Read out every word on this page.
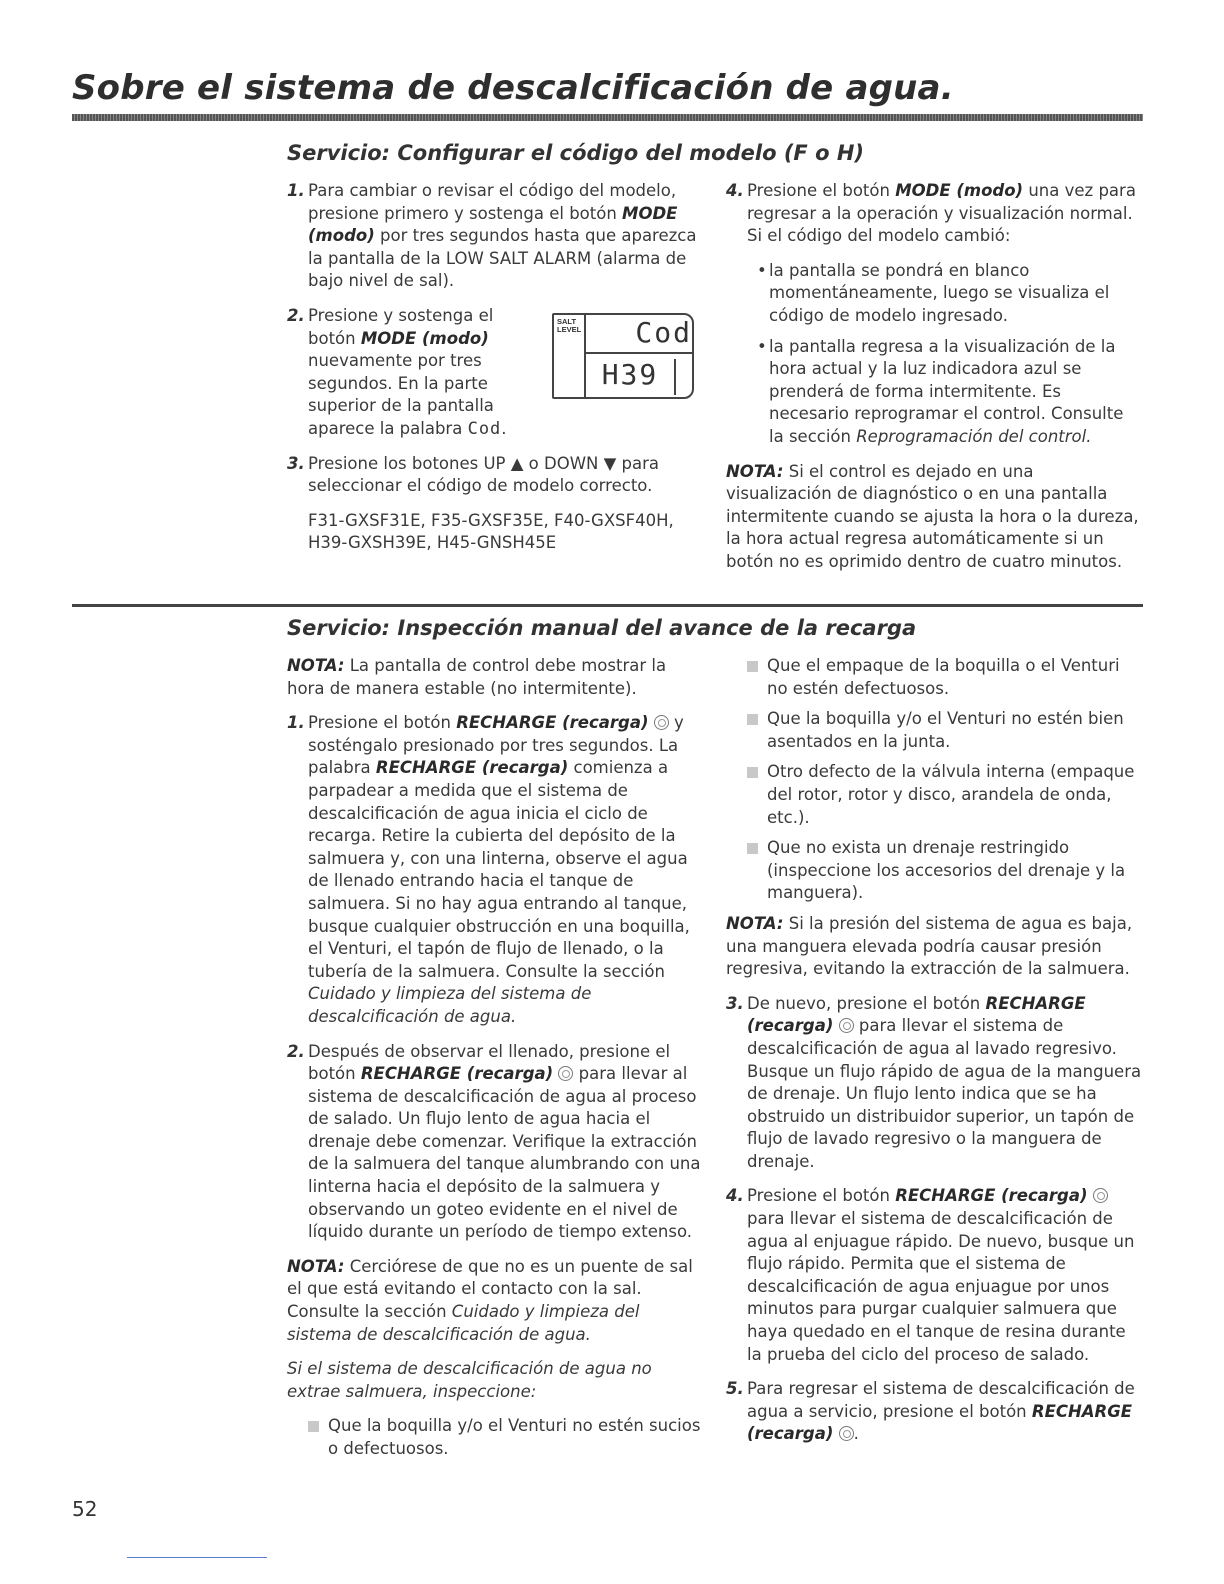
Sobre el sistema de descalcificación de agua.
Servicio: Configurar el código del modelo (F o H)
1. Para cambiar o revisar el código del modelo, presione primero y sostenga el botón MODE (modo) por tres segundos hasta que aparezca la pantalla de la LOW SALT ALARM (alarma de bajo nivel de sal).
2. Presione y sostenga el botón MODE (modo) nuevamente por tres segundos. En la parte superior de la pantalla aparece la palabra Cod.
3. Presione los botones UP ▲ o DOWN ▼ para seleccionar el código de modelo correcto.

F31-GXSF31E, F35-GXSF35E, F40-GXSF40H, H39-GXSH39E, H45-GNSH45E

SALT LEVEL	Cod
H39
4. Presione el botón MODE (modo) una vez para regresar a la operación y visualización normal. Si el código del modelo cambió:
• la pantalla se pondrá en blanco momentáneamente, luego se visualiza el código de modelo ingresado.
• la pantalla regresa a la visualización de la hora actual y la luz indicadora azul se prenderá de forma intermitente. Es necesario reprogramar el control. Consulte la sección Reprogramación del control.

NOTA: Si el control es dejado en una visualización de diagnóstico o en una pantalla intermitente cuando se ajusta la hora o la dureza, la hora actual regresa automáticamente si un botón no es oprimido dentro de cuatro minutos.

Servicio: Inspección manual del avance de la recarga

NOTA: La pantalla de control debe mostrar la hora de manera estable (no intermitente).

1. Presione el botón RECHARGE (recarga)  y sosténgalo presionado por tres segundos. La palabra RECHARGE (recarga) comienza a parpadear a medida que el sistema de descalcificación de agua inicia el ciclo de recarga. Retire la cubierta del depósito de la salmuera y, con una linterna, observe el agua de llenado entrando hacia el tanque de salmuera. Si no hay agua entrando al tanque, busque cualquier obstrucción en una boquilla, el Venturi, el tapón de flujo de llenado, o la tubería de la salmuera. Consulte la sección Cuidado y limpieza del sistema de descalcificación de agua.
2. Después de observar el llenado, presione el botón RECHARGE (recarga)  para llevar al sistema de descalcificación de agua al proceso de salado. Un flujo lento de agua hacia el drenaje debe comenzar. Verifique la extracción de la salmuera del tanque alumbrando con una linterna hacia el depósito de la salmuera y observando un goteo evidente en el nivel de líquido durante un período de tiempo extenso.

NOTA: Cerciórese de que no es un puente de sal el que está evitando el contacto con la sal. Consulte la sección Cuidado y limpieza del sistema de descalcificación de agua.

Si el sistema de descalcificación de agua no extrae salmuera, inspeccione:

Que la boquilla y/o el Venturi no estén sucios o defectuosos.
Que el empaque de la boquilla o el Venturi no estén defectuosos.
Que la boquilla y/o el Venturi no estén bien asentados en la junta.
Otro defecto de la válvula interna (empaque del rotor, rotor y disco, arandela de onda, etc.).
Que no exista un drenaje restringido (inspeccione los accesorios del drenaje y la manguera).

NOTA: Si la presión del sistema de agua es baja, una manguera elevada podría causar presión regresiva, evitando la extracción de la salmuera.

3. De nuevo, presione el botón RECHARGE (recarga)  para llevar el sistema de descalcificación de agua al lavado regresivo. Busque un flujo rápido de agua de la manguera de drenaje. Un flujo lento indica que se ha obstruido un distribuidor superior, un tapón de flujo de lavado regresivo o la manguera de drenaje.
4. Presione el botón RECHARGE (recarga)  para llevar el sistema de descalcificación de agua al enjuague rápido. De nuevo, busque un flujo rápido. Permita que el sistema de descalcificación de agua enjuague por unos minutos para purgar cualquier salmuera que haya quedado en el tanque de resina durante la prueba del ciclo del proceso de salado.
5. Para regresar el sistema de descalcificación de agua a servicio, presione el botón RECHARGE (recarga) .
52
